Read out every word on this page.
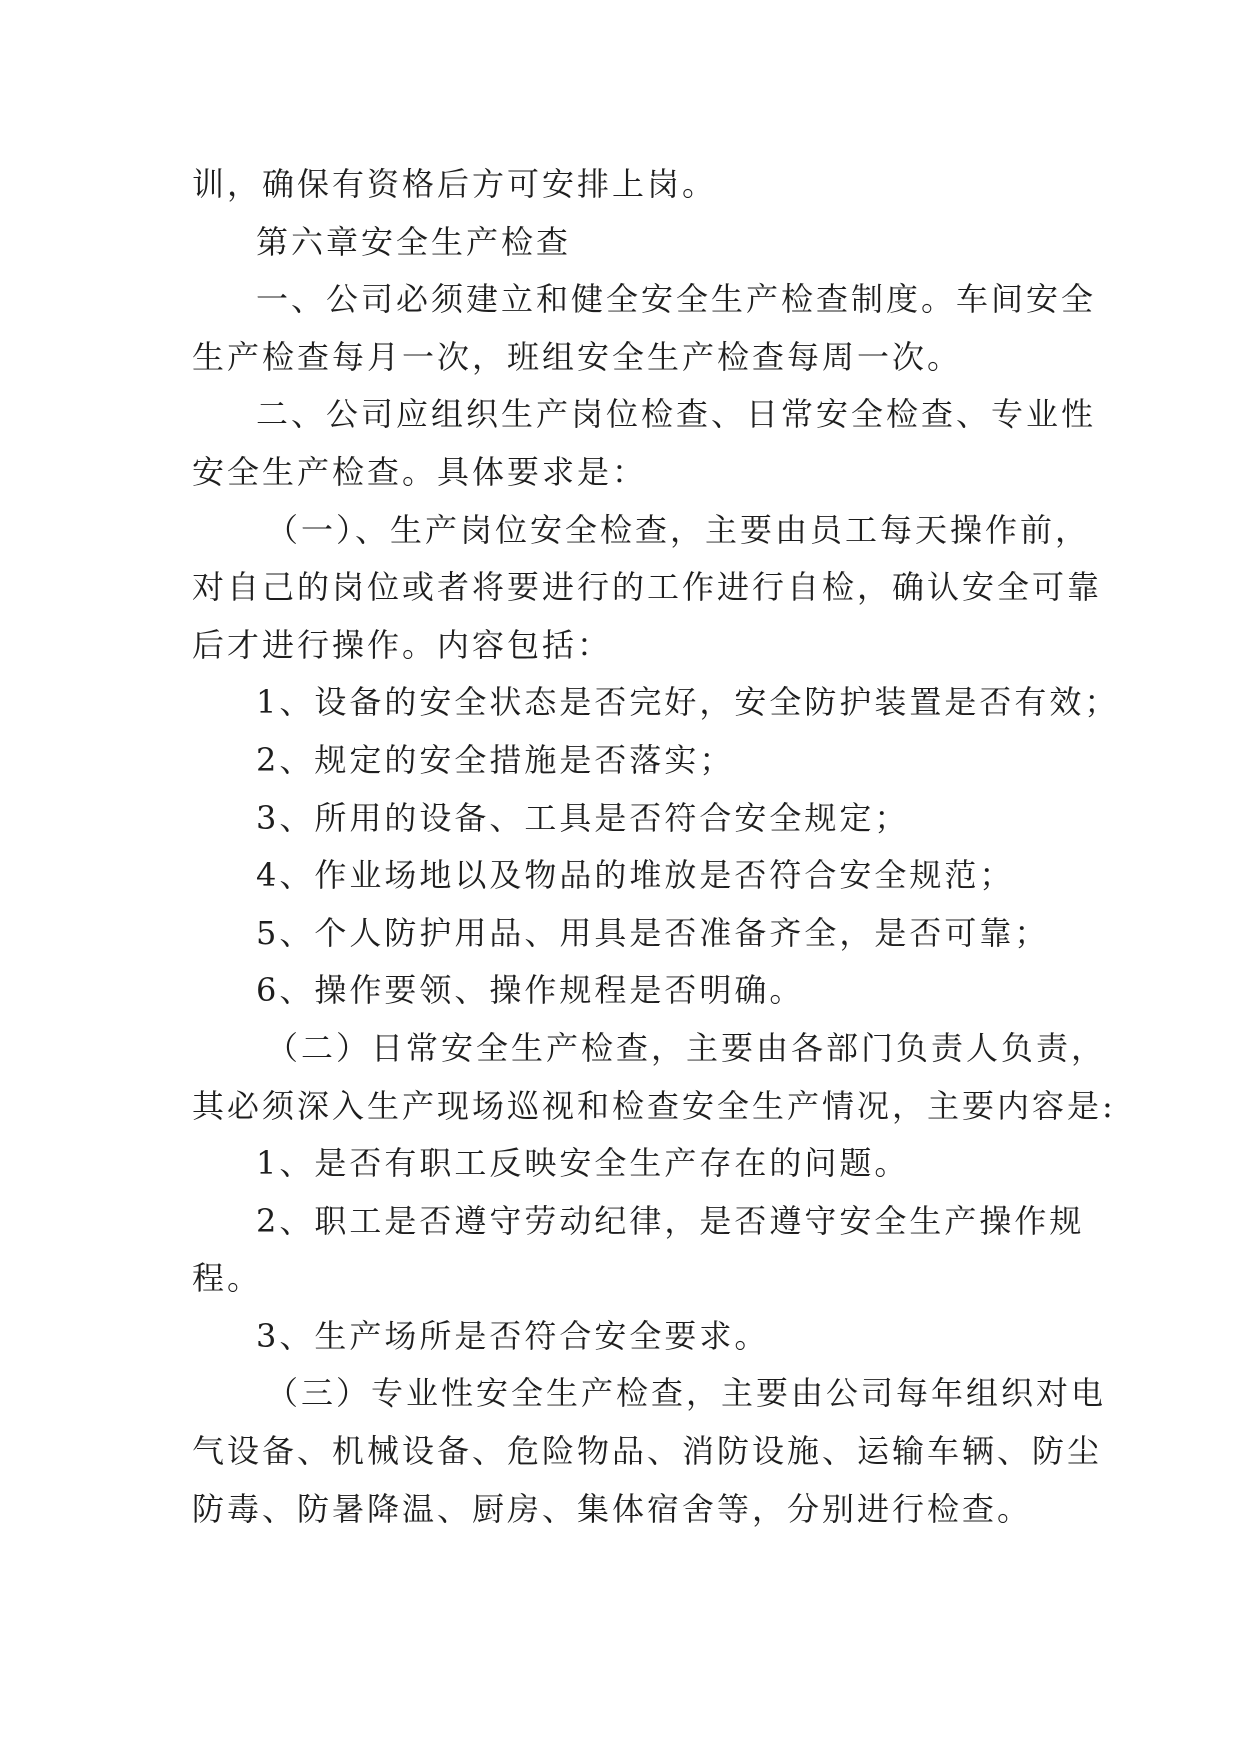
训，确保有资格后方可安排上岗。
第六章安全生产检查
一、公司必须建立和健全安全生产检查制度。车间安全
生产检查每月一次，班组安全生产检查每周一次。
二、公司应组织生产岗位检查、日常安全检查、专业性
安全生产检查。具体要求是：
（一）、生产岗位安全检查，主要由员工每天操作前，
对自己的岗位或者将要进行的工作进行自检，确认安全可靠
后才进行操作。内容包括：
1、设备的安全状态是否完好，安全防护装置是否有效；
2、规定的安全措施是否落实；
3、所用的设备、工具是否符合安全规定；
4、作业场地以及物品的堆放是否符合安全规范；
5、个人防护用品、用具是否准备齐全，是否可靠；
6、操作要领、操作规程是否明确。
（二）日常安全生产检查，主要由各部门负责人负责，
其必须深入生产现场巡视和检查安全生产情况，主要内容是:
1、是否有职工反映安全生产存在的问题。
2、职工是否遵守劳动纪律，是否遵守安全生产操作规
程。
3、生产场所是否符合安全要求。
（三）专业性安全生产检查，主要由公司每年组织对电
气设备、机械设备、危险物品、消防设施、运输车辆、防尘
防毒、防暑降温、厨房、集体宿舍等，分别进行检查。
